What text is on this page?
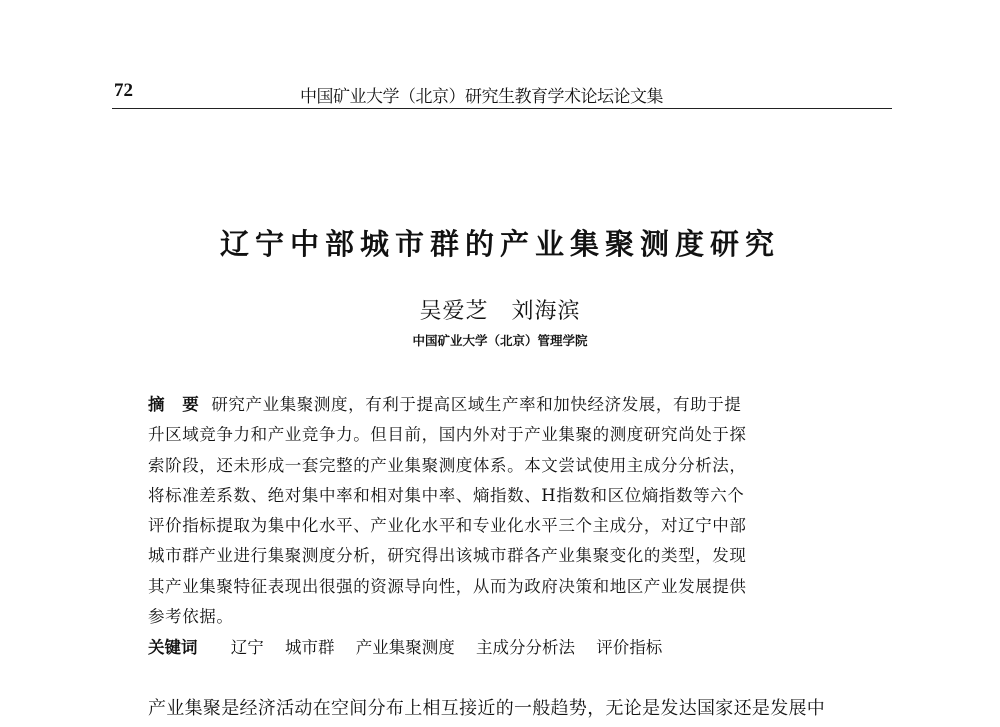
72	中国矿业大学（北京）研究生教育学术论坛论文集
辽宁中部城市群的产业集聚测度研究
吴爱芝　刘海滨
中国矿业大学（北京）管理学院
摘　要 研究产业集聚测度，有利于提高区域生产率和加快经济发展，有助于提
升区域竞争力和产业竞争力。但目前，国内外对于产业集聚的测度研究尚处于探
索阶段，还未形成一套完整的产业集聚测度体系。本文尝试使用主成分分析法，
将标准差系数、绝对集中率和相对集中率、熵指数、H指数和区位熵指数等六个
评价指标提取为集中化水平、产业化水平和专业化水平三个主成分，对辽宁中部
城市群产业进行集聚测度分析，研究得出该城市群各产业集聚变化的类型，发现
其产业集聚特征表现出很强的资源导向性，从而为政府决策和地区产业发展提供
参考依据。
关键词 辽宁 城市群 产业集聚测度 主成分分析法 评价指标
产业集聚是经济活动在空间分布上相互接近的一般趋势，无论是发达国家还是发展中
